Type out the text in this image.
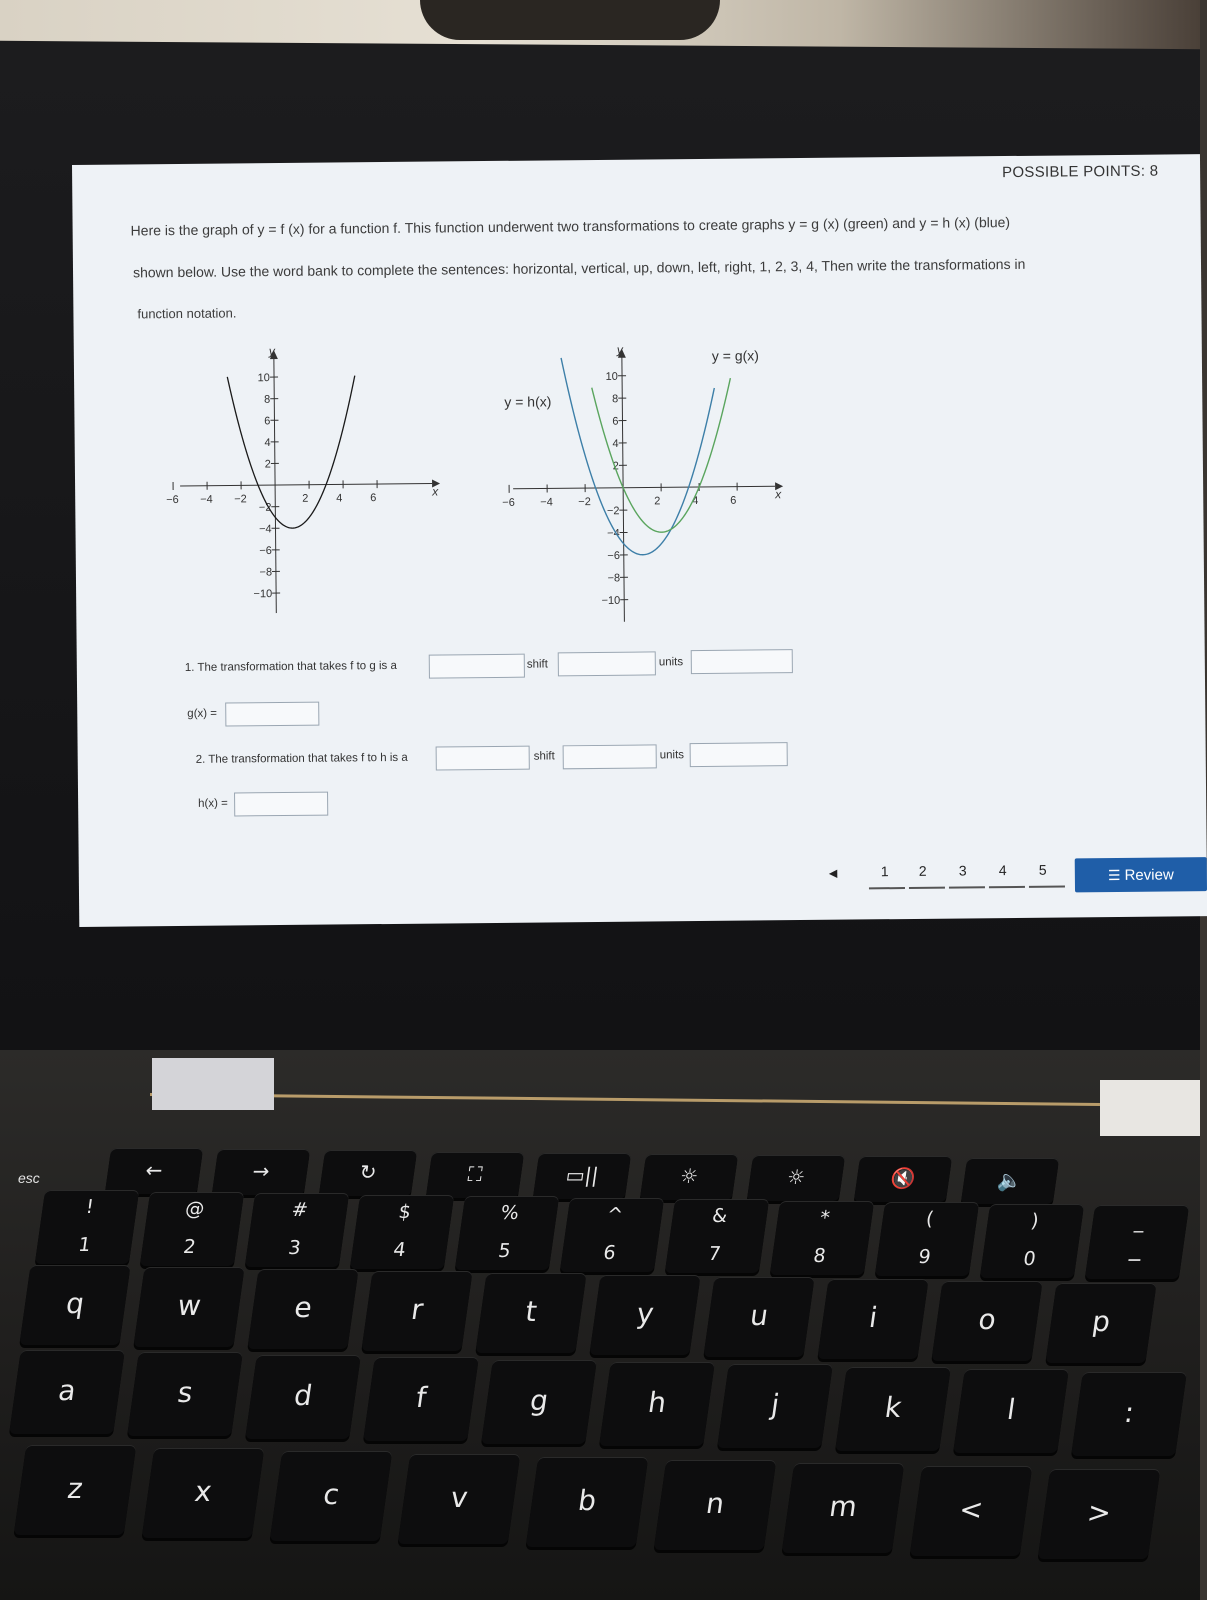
POSSIBLE POINTS: 8
Here is the graph of y = f (x) for a function f. This function underwent two transformations to create graphs y = g (x) (green) and y = h (x) (blue)
shown below. Use the word bank to complete the sentences: horizontal, vertical, up, down, left, right, 1, 2, 3, 4, Then write the transformations in
function notation.
y
x
−6 −4 −2	2	4	6
10
8
6
4
2
−2
−4
−6
−8
−10
y
x
y = h(x)
y = g(x)
−6 −4 −2	2	4	6
10
8
6
4
2
−2
−4
−6
−8
−10
1. The transformation that takes f to g is a	shift	units
g(x) =
2. The transformation that takes f to h is a	shift	units
h(x) =
◀	1 2 3 4 5	☰ Review
esc	←	→	↻	⛶	▭||	☼	☼	🔇	🔈
!
1
@
2
#
3
$
4
%
5
^
6
&
7
*
8
(
9
)
0
_
−
q	w	e	r	t	y	u	i	o	p
a	s	d	f	g	h	j	k	l	:
z	x	c	v	b	n	m	<	>
